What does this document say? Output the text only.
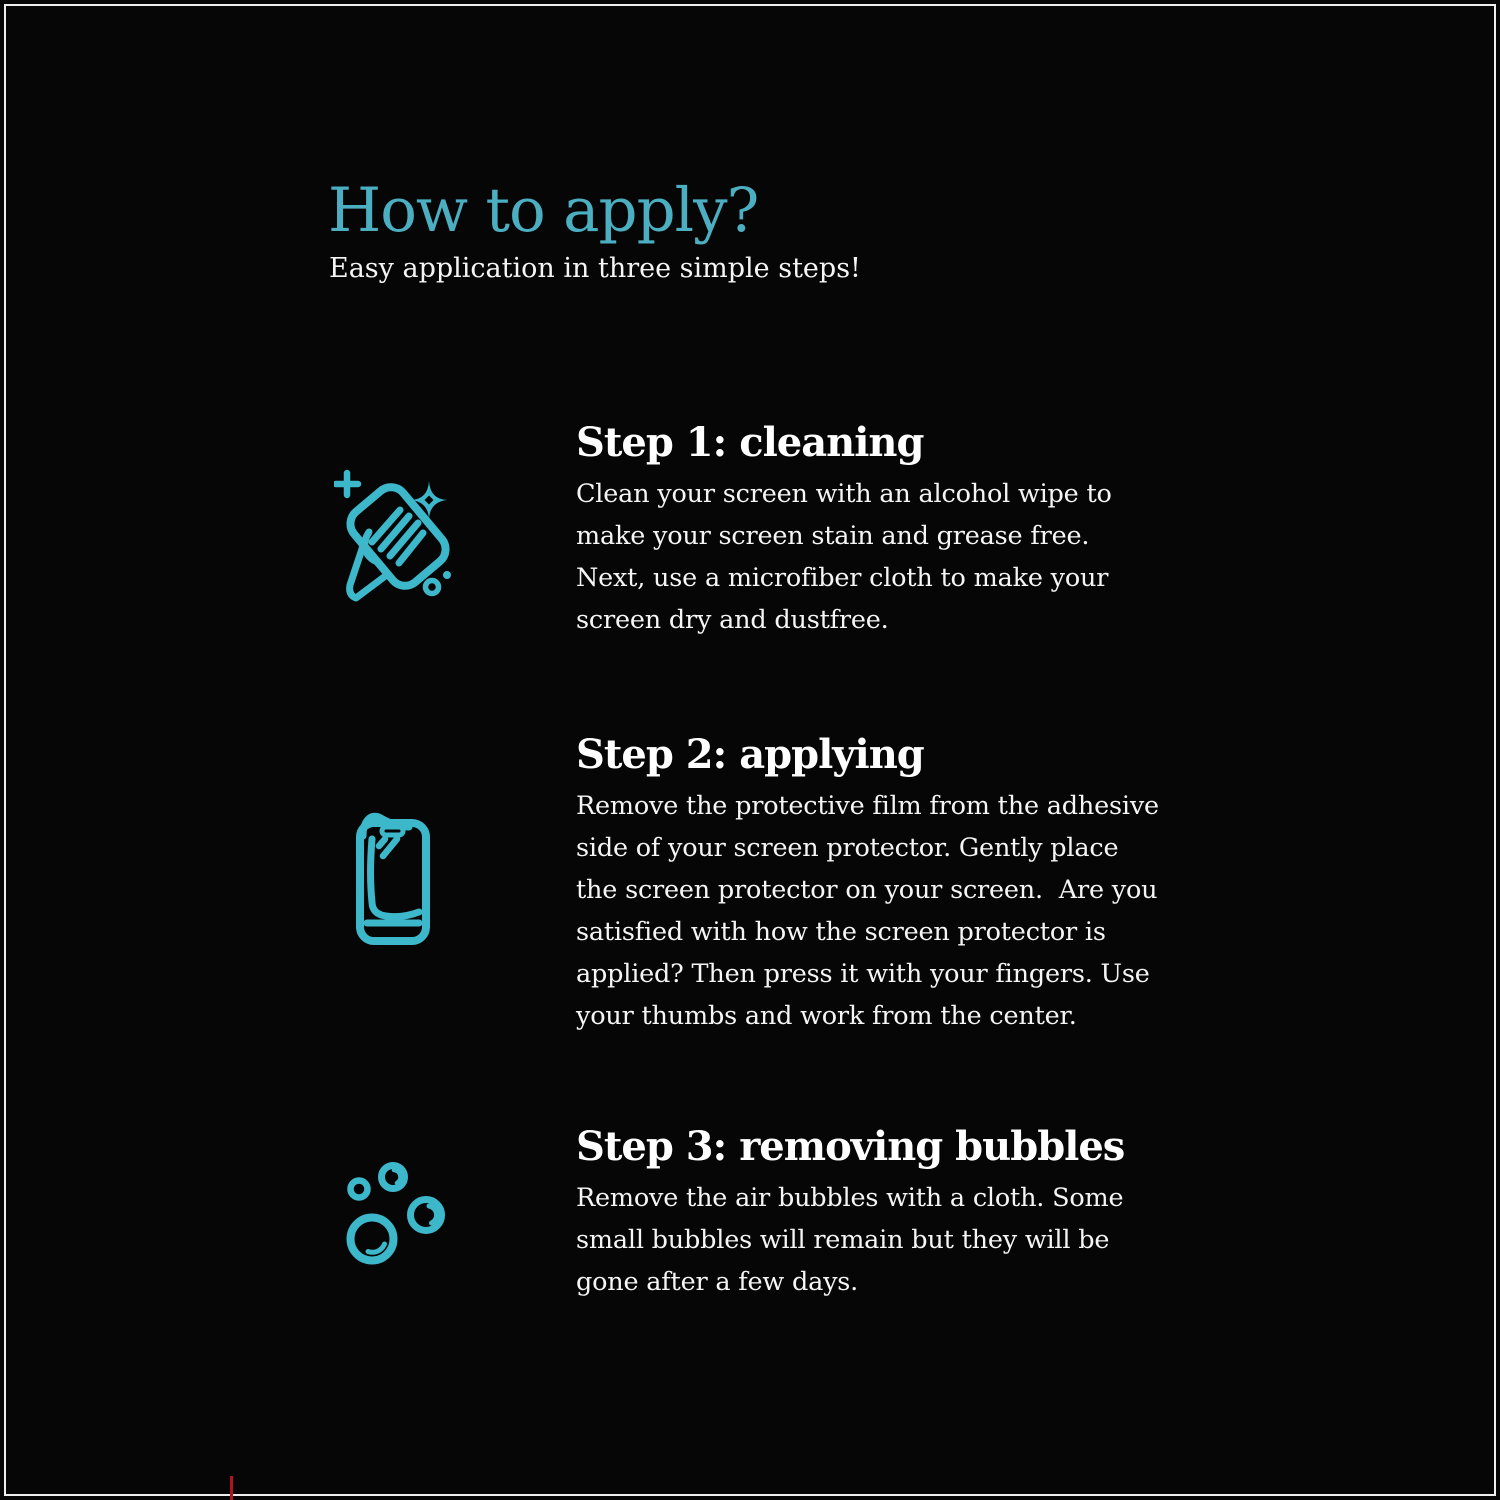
How to apply?

Easy application in three simple steps!

Step 1: cleaning

Clean your screen with an alcohol wipe to make your screen stain and grease free. Next, use a microfiber cloth to make your screen dry and dustfree.

Step 2: applying

Remove the protective film from the adhesive side of your screen protector. Gently place the screen protector on your screen.  Are you satisfied with how the screen protector is applied? Then press it with your fingers. Use your thumbs and work from the center.

Step 3: removing bubbles

Remove the air bubbles with a cloth. Some small bubbles will remain but they will be gone after a few days.
